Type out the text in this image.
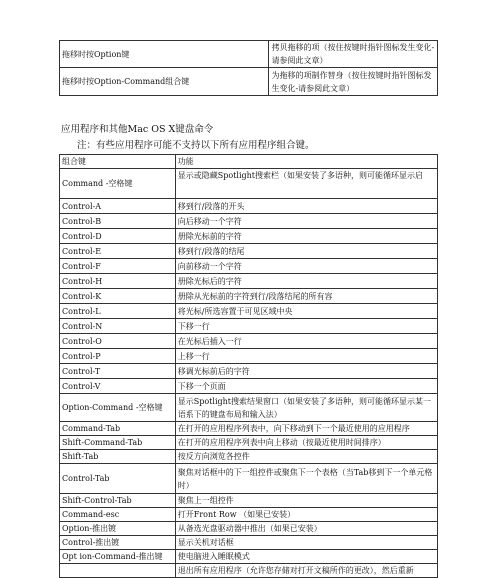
拖移时按Option键	拷贝拖移的项（按住按键时指针图标发生变化-请参阅此文章）
拖移时按Option-Command组合键	为拖移的项制作替身（按住按键时指针图标发生变化-请参阅此文章）

应用程序和其他Mac OS X键盘命令

注：有些应用程序可能不支持以下所有应用程序组合键。

组合键	功能
Command -空格键	显示或隐藏Spotlight搜索栏（如果安装了多语种，则可能循环显示启
Control-A	移到行/段落的开头
Control-B	向后移动一个字符
Control-D	册除光标前的字符
Control-E	移到行/段落的结尾
Control-F	向前移动一个字符
Control-H	册除光标后的字符
Control-K	册除从光标前的字符到行/段落结尾的所有容
Control-L	将光标/所选容置于可见区域中央
Control-N	下移一行
Control-O	在光标后插入一行
Control-P	上移一行
Control-T	移调光标前后的字符
Control-V	下移一个页面
Option-Command -空格键	显示Spotlight搜索结果窗口（如果安装了多语种，则可能循环显示某一语系下的键盘布局和输入法）
Command-Tab	在打开的应用程序列表中，向下移动到下一个最近使用的应用程序
Shift-Command-Tab	在打开的应用程序列表中向上移动（按最近使用时间排序）
Shift-Tab	按反方向浏览各控件
Control-Tab	聚焦对话框中的下一组控件或聚焦下一个表格（当Tab移到下一个单元格时）
Shift-Control-Tab	聚焦上一组控件
Command-esc	打开Front Row （如果已安装）
Option-推出镀	从备选光盘驱动器中推出（如果已安装）
Control-推出镀	显示关机对话框
Opt ion-Command-推出键	使电脑进入睡眠模式
	退出所有应用程序（允许您存储对打开文稿所作的更改），然后重新
